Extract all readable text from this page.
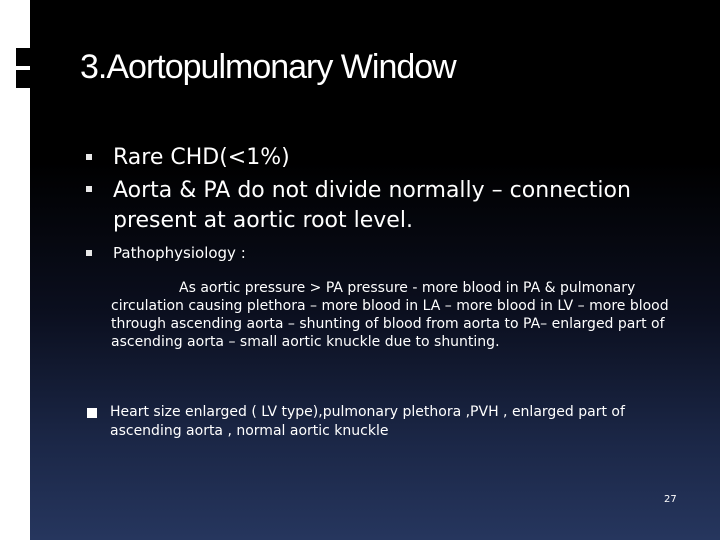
3.Aortopulmonary Window
Rare CHD(<1%)
Aorta & PA do not divide normally – connection present at aortic root level.
Pathophysiology :
As aortic pressure > PA pressure - more blood in PA & pulmonary circulation causing plethora – more blood in LA – more blood in LV – more blood through ascending aorta – shunting of blood from aorta to PA– enlarged part of ascending aorta – small aortic knuckle due to shunting.
Heart size enlarged ( LV type),pulmonary plethora ,PVH , enlarged part of ascending aorta , normal aortic knuckle
27
